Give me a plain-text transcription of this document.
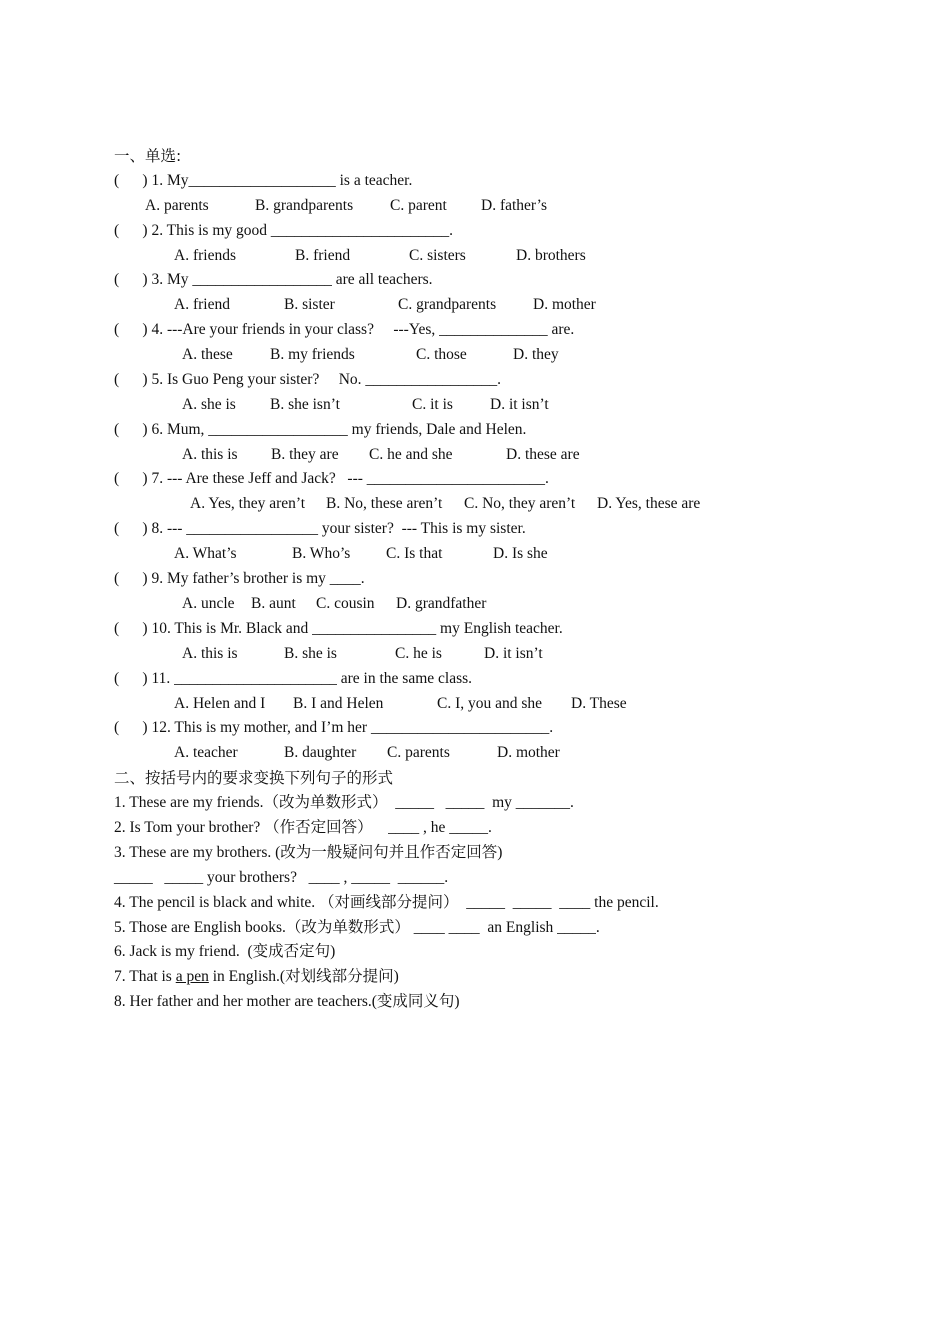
一、单选:
(      ) 1. My___________________ is a teacher.
A. parents	B. grandparents C. parent D. father’s
(      ) 2. This is my good _______________________.
A. friends	B. friend	C. sisters	D. brothers
(      ) 3. My __________________ are all teachers.
A. friend	B. sister	C. grandparents D. mother
(      ) 4. ---Are your friends in your class?     ---Yes, ______________ are.
A. these B. my friends	C. those	D. they
(      ) 5. Is Guo Peng your sister?     No. _________________.
A. she is B. she isn’t	C. it is D. it isn’t
(      ) 6. Mum, __________________ my friends, Dale and Helen.
A. this is B. they are C. he and she	D. these are
(      ) 7. --- Are these Jeff and Jack?   --- _______________________.
A. Yes, they aren’t B. No, these aren’t C. No, they aren’t D. Yes, these are
(      ) 8. --- _________________ your sister?  --- This is my sister.
A. What’s	B. Who’s C. Is that	D. Is she
(      ) 9. My father’s brother is my ____.
A. uncle B. aunt C. cousin D. grandfather
(      ) 10. This is Mr. Black and ________________ my English teacher.
A. this is	B. she is	C. he is	D. it isn’t
(      ) 11. _____________________ are in the same class.
A. Helen and I B. I and Helen	C. I, you and she D. These
(      ) 12. This is my mother, and I’m her _______________________.
A. teacher	B. daughter C. parents	D. mother
二、按括号内的要求变换下列句子的形式
1. These are my friends.（改为单数形式）  _____   _____  my _______.
2. Is Tom your brother? （作否定回答）    ____ , he _____.
3. These are my brothers. (改为一般疑问句并且作否定回答)
_____   _____ your brothers?   ____ , _____  ______.
4. The pencil is black and white. （对画线部分提问）  _____  _____  ____ the pencil.
5. Those are English books.（改为单数形式） ____ ____  an English _____.
6. Jack is my friend.  (变成否定句)
7. That is a pen in English.(对划线部分提问)
8. Her father and her mother are teachers.(变成同义句)
